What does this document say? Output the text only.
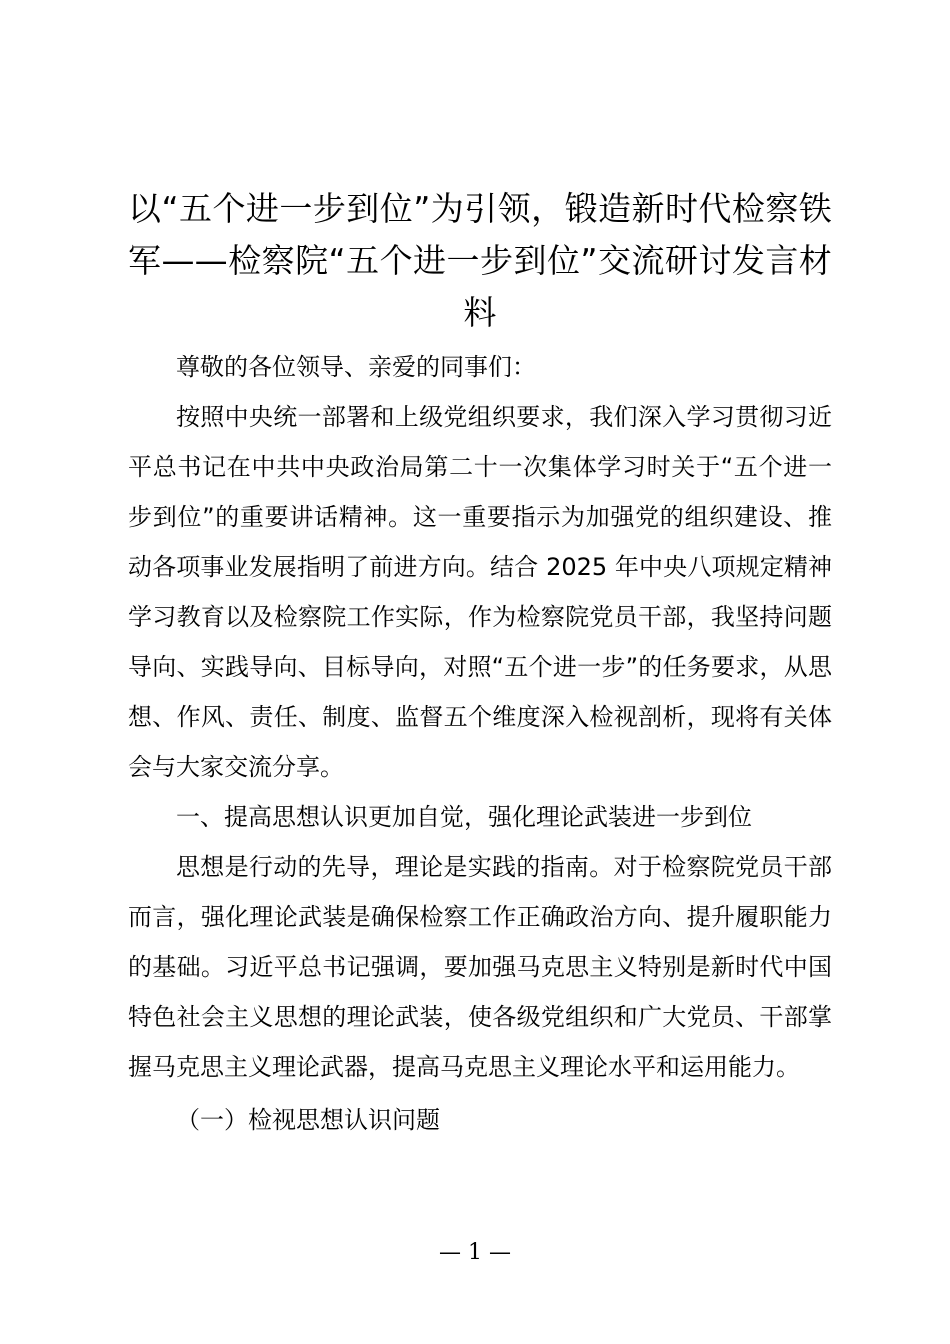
以“五个进一步到位”为引领，锻造新时代检察铁军——检察院“五个进一步到位”交流研讨发言材料

尊敬的各位领导、亲爱的同事们：

按照中央统一部署和上级党组织要求，我们深入学习贯彻习近平总书记在中共中央政治局第二十一次集体学习时关于“五个进一步到位”的重要讲话精神。这一重要指示为加强党的组织建设、推动各项事业发展指明了前进方向。结合 2025 年中央八项规定精神学习教育以及检察院工作实际，作为检察院党员干部，我坚持问题导向、实践导向、目标导向，对照“五个进一步”的任务要求，从思想、作风、责任、制度、监督五个维度深入检视剖析，现将有关体会与大家交流分享。

一、提高思想认识更加自觉，强化理论武装进一步到位

思想是行动的先导，理论是实践的指南。对于检察院党员干部而言，强化理论武装是确保检察工作正确政治方向、提升履职能力的基础。习近平总书记强调，要加强马克思主义特别是新时代中国特色社会主义思想的理论武装，使各级党组织和广大党员、干部掌握马克思主义理论武器，提高马克思主义理论水平和运用能力。

（一）检视思想认识问题

— 1 —
